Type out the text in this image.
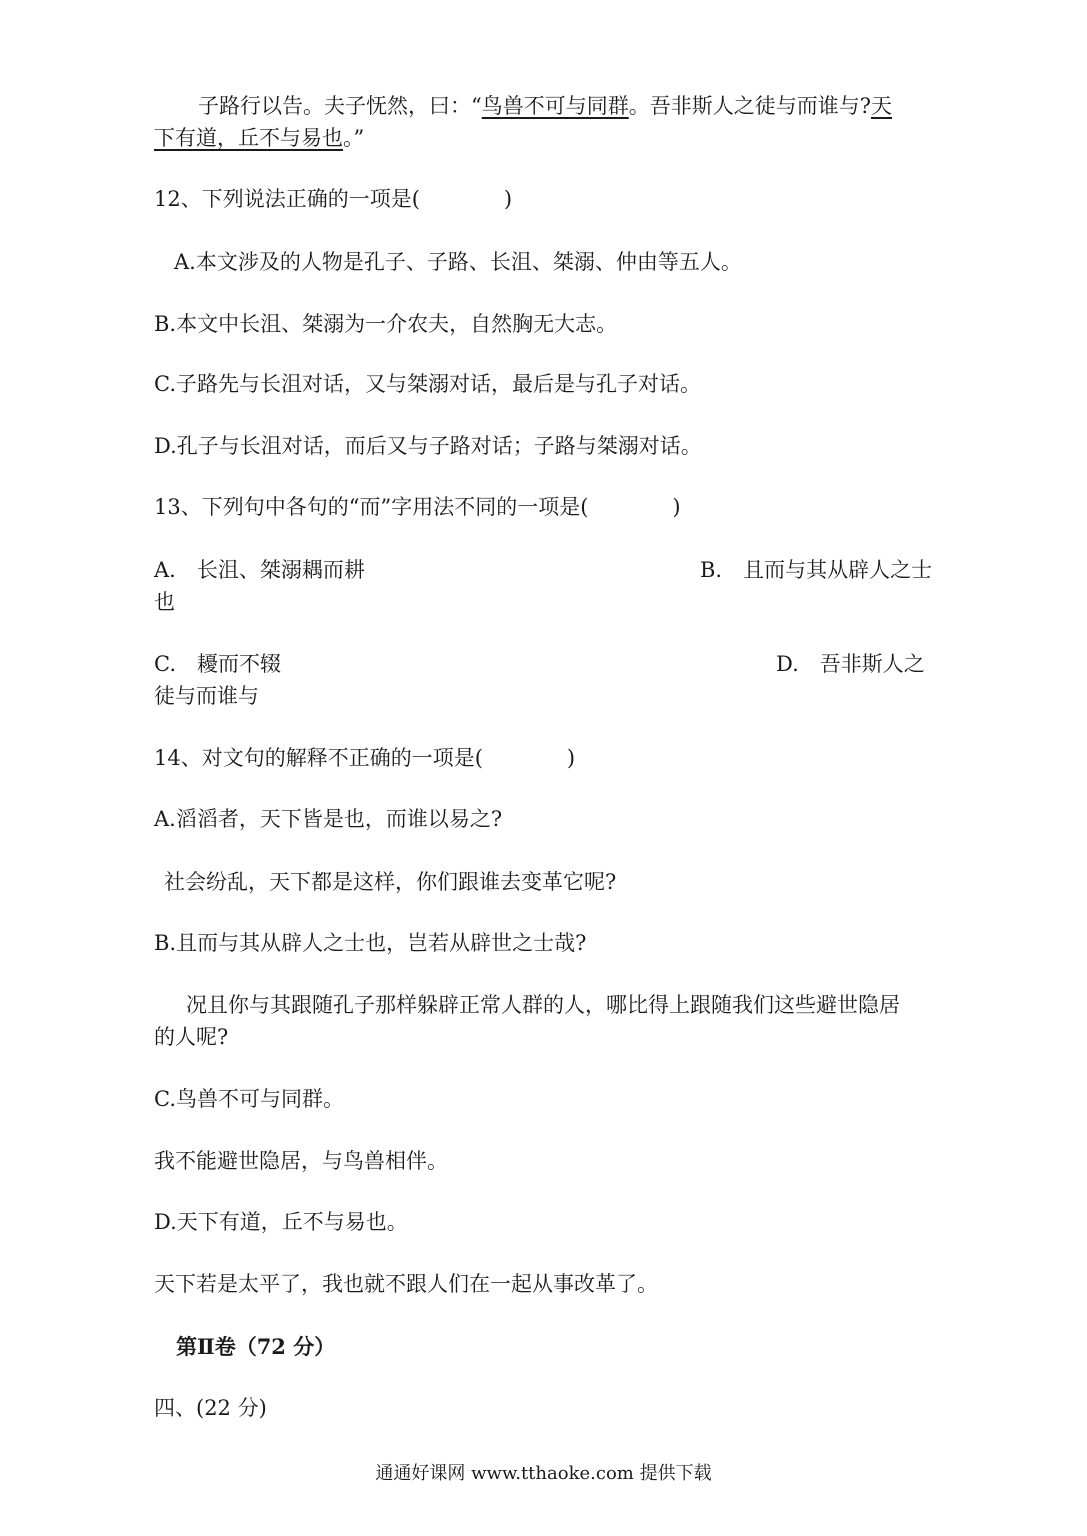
子路行以告。夫子怃然，曰：“鸟兽不可与同群。吾非斯人之徒与而谁与?天
下有道，丘不与易也。”
12、下列说法正确的一项是(　　　　)
A.本文涉及的人物是孔子、子路、长沮、桀溺、仲由等五人。
B.本文中长沮、桀溺为一介农夫，自然胸无大志。
C.子路先与长沮对话，又与桀溺对话，最后是与孔子对话。
D.孔子与长沮对话，而后又与子路对话；子路与桀溺对话。
13、下列句中各句的“而”字用法不同的一项是(　　　　)
A.　长沮、桀溺耦而耕	B.　且而与其从辟人之士
也
C.　耰而不辍	D.　吾非斯人之
徒与而谁与
14、对文句的解释不正确的一项是(　　　　)
A.滔滔者，天下皆是也，而谁以易之?
社会纷乱，天下都是这样，你们跟谁去变革它呢?
B.且而与其从辟人之士也，岂若从辟世之士哉?
况且你与其跟随孔子那样躲辟正常人群的人，哪比得上跟随我们这些避世隐居
的人呢?
C.鸟兽不可与同群。
我不能避世隐居，与鸟兽相伴。
D.天下有道，丘不与易也。
天下若是太平了，我也就不跟人们在一起从事改革了。
第Ⅱ卷（72 分）
四、(22 分)
通通好课网 www.tthaoke.com 提供下载
